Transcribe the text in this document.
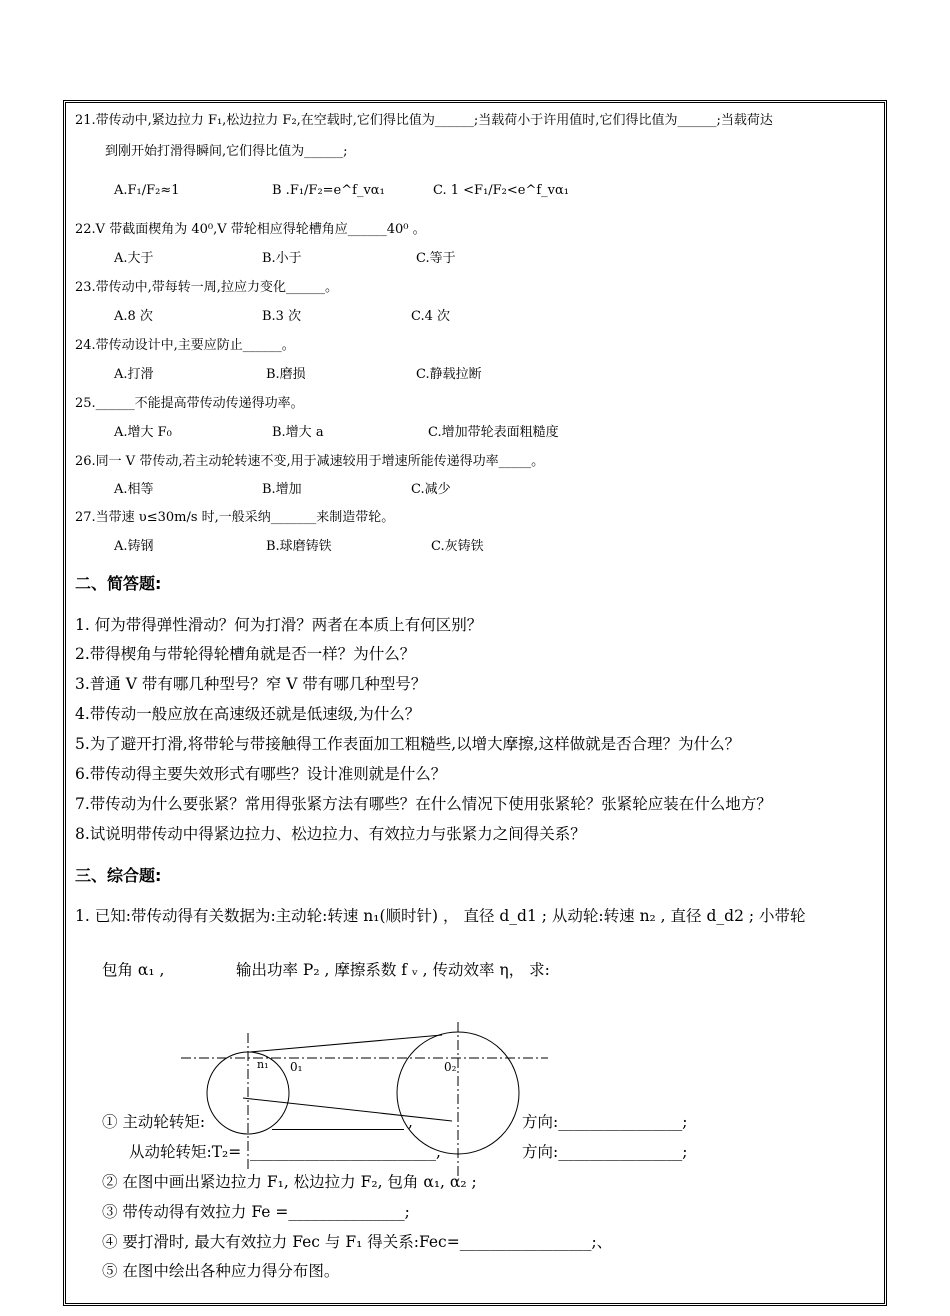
21.带传动中,紧边拉力 F₁,松边拉力 F₂,在空载时,它们得比值为______;当载荷小于许用值时,它们得比值为______;当载荷达
到刚开始打滑得瞬间,它们得比值为______;
A.F₁/F₂≈1	B .F₁/F₂=e^f_vα₁	C. 1 <F₁/F₂<e^f_vα₁
22.V 带截面楔角为 40⁰,V 带轮相应得轮槽角应______40⁰ 。
A.大于	B.小于	C.等于
23.带传动中,带每转一周,拉应力变化______。
A.8 次	B.3 次	C.4 次
24.带传动设计中,主要应防止______。
A.打滑	B.磨损	C.静载拉断
25.______不能提高带传动传递得功率。
A.增大 F₀	B.增大 a	C.增加带轮表面粗糙度
26.同一 V 带传动,若主动轮转速不变,用于减速较用于增速所能传递得功率_____。
A.相等	B.增加	C.减少
27.当带速 υ≤30m/s 时,一般采纳_______来制造带轮。
A.铸钢	B.球磨铸铁	C.灰铸铁
二、简答题:
1. 何为带得弹性滑动？何为打滑？两者在本质上有何区别？
2.带得楔角与带轮得轮槽角就是否一样？为什么？
3.普通 V 带有哪几种型号？窄 V 带有哪几种型号？
4.带传动一般应放在高速级还就是低速级,为什么？
5.为了避开打滑,将带轮与带接触得工作表面加工粗糙些,以增大摩擦,这样做就是否合理？为什么？
6.带传动得主要失效形式有哪些？设计准则就是什么？
7.带传动为什么要张紧？常用得张紧方法有哪些？在什么情况下使用张紧轮？张紧轮应装在什么地方？
8.试说明带传动中得紧边拉力、松边拉力、有效拉力与张紧力之间得关系？
三、综合题:
1. 已知:带传动得有关数据为:主动轮:转速 n₁(顺时针) ， 直径 d_d1 ; 从动轮:转速 n₂ , 直径 d_d2 ; 小带轮
包角 α₁ ,	输出功率 P₂ , 摩擦系数 f ᵥ , 传动效率 η， 求:
n₁ 0₁	0₂
① 主动轮转矩:	,	方向:________________;
从动轮转矩:T₂= ________________________,	方向:________________;
② 在图中画出紧边拉力 F₁, 松边拉力 F₂, 包角 α₁, α₂ ;
③ 带传动得有效拉力 Fe =_______________;
④ 要打滑时, 最大有效拉力 Fec 与 F₁ 得关系:Fec=_________________;、
⑤ 在图中绘出各种应力得分布图。
